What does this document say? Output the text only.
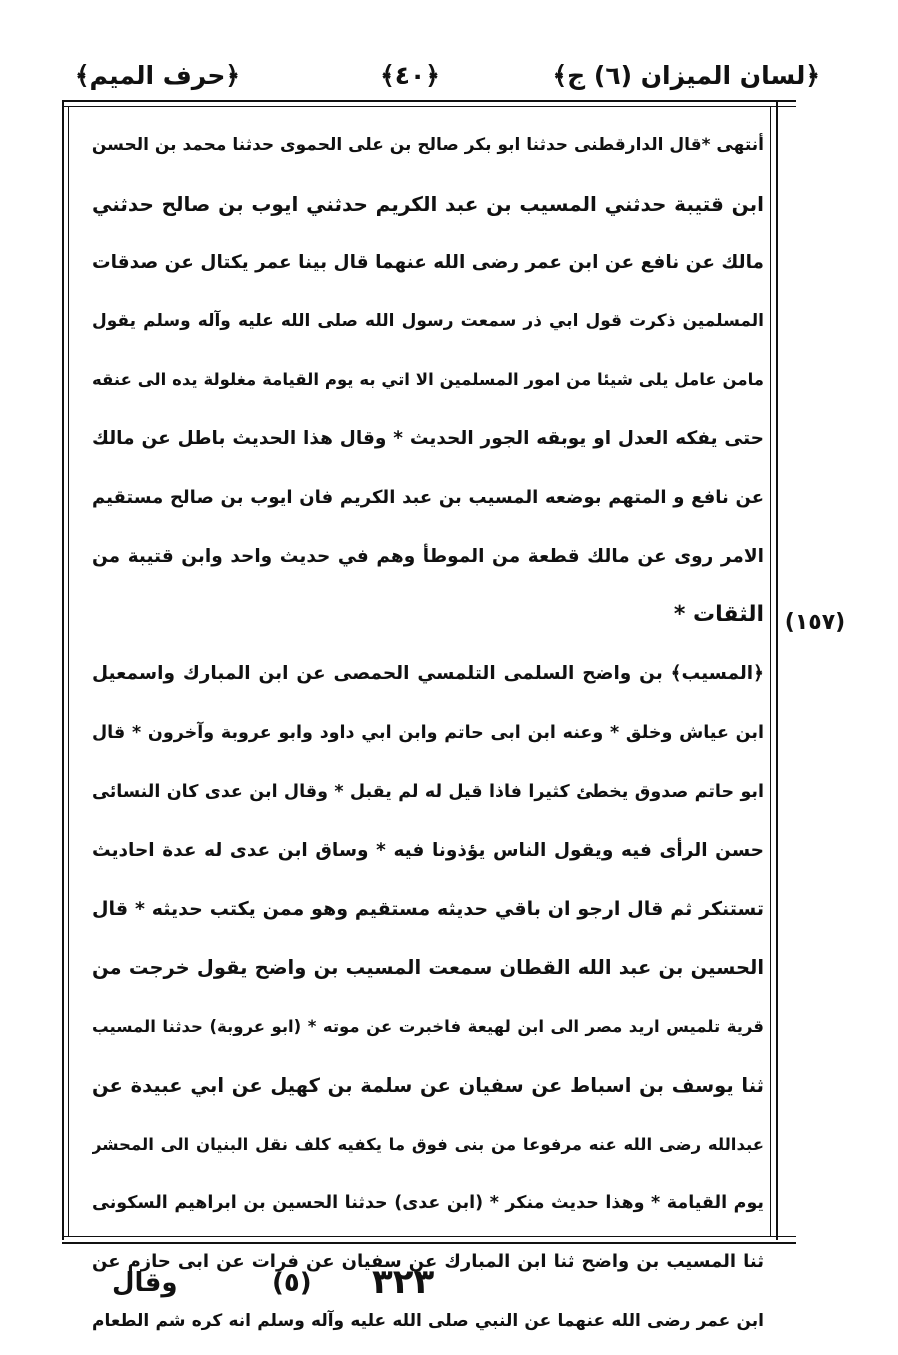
﴿لسان الميزان (٦) ج﴾
﴿٤٠﴾
﴿حرف الميم﴾
(١٥٧)
أنتهى *قال الدارقطنى حدثنا ابو بكر صالح بن على الحموى حدثنا محمد بن الحسن
ابن قتيبة حدثني المسيب بن عبد الكريم حدثني ايوب بن صالح حدثني
مالك عن نافع عن ابن عمر رضى الله عنهما قال بينا عمر يكتال عن صدقات
المسلمين ذكرت قول ابي ذر سمعت رسول الله صلى الله عليه وآله وسلم يقول
مامن عامل يلى شيئا من امور المسلمين الا اتي به يوم القيامة مغلولة يده الى عنقه
حتى يفكه العدل او يوبقه الجور الحديث * وقال هذا الحديث باطل عن مالك
عن نافع و المتهم بوضعه المسيب بن عبد الكريم فان ايوب بن صالح مستقيم
الامر روى عن مالك قطعة من الموطأ وهم في حديث واحد وابن قتيبة من
الثقات *
﴿المسيب﴾ بن واضح السلمى التلمسي الحمصى عن ابن المبارك واسمعيل
ابن عياش وخلق * وعنه ابن ابى حاتم وابن ابي داود وابو عروبة وآخرون * قال
ابو حاتم صدوق يخطئ كثيرا فاذا قيل له لم يقبل * وقال ابن عدى كان النسائى
حسن الرأى فيه ويقول الناس يؤذونا فيه * وساق ابن عدى له عدة احاديث
تستنكر ثم قال ارجو ان باقي حديثه مستقيم وهو ممن يكتب حديثه * قال
الحسين بن عبد الله القطان سمعت المسيب بن واضح يقول خرجت من
قرية تلميس اريد مصر الى ابن لهيعة فاخبرت عن موته * (ابو عروبة) حدثنا المسيب
ثنا يوسف بن اسباط عن سفيان عن سلمة بن كهيل عن ابي عبيدة عن
عبدالله رضى الله عنه مرفوعا من بنى فوق ما يكفيه كلف نقل البنيان الى المحشر
يوم القيامة * وهذا حديث منكر * (ابن عدى) حدثنا الحسين بن ابراهيم السكونى
ثنا المسيب بن واضح ثنا ابن المبارك عن سفيان عن فرات عن ابى حازم عن
ابن عمر رضى الله عنهما عن النبي صلى الله عليه وآله وسلم انه كره شم الطعام
وقال	(٥) ٣٢٣
